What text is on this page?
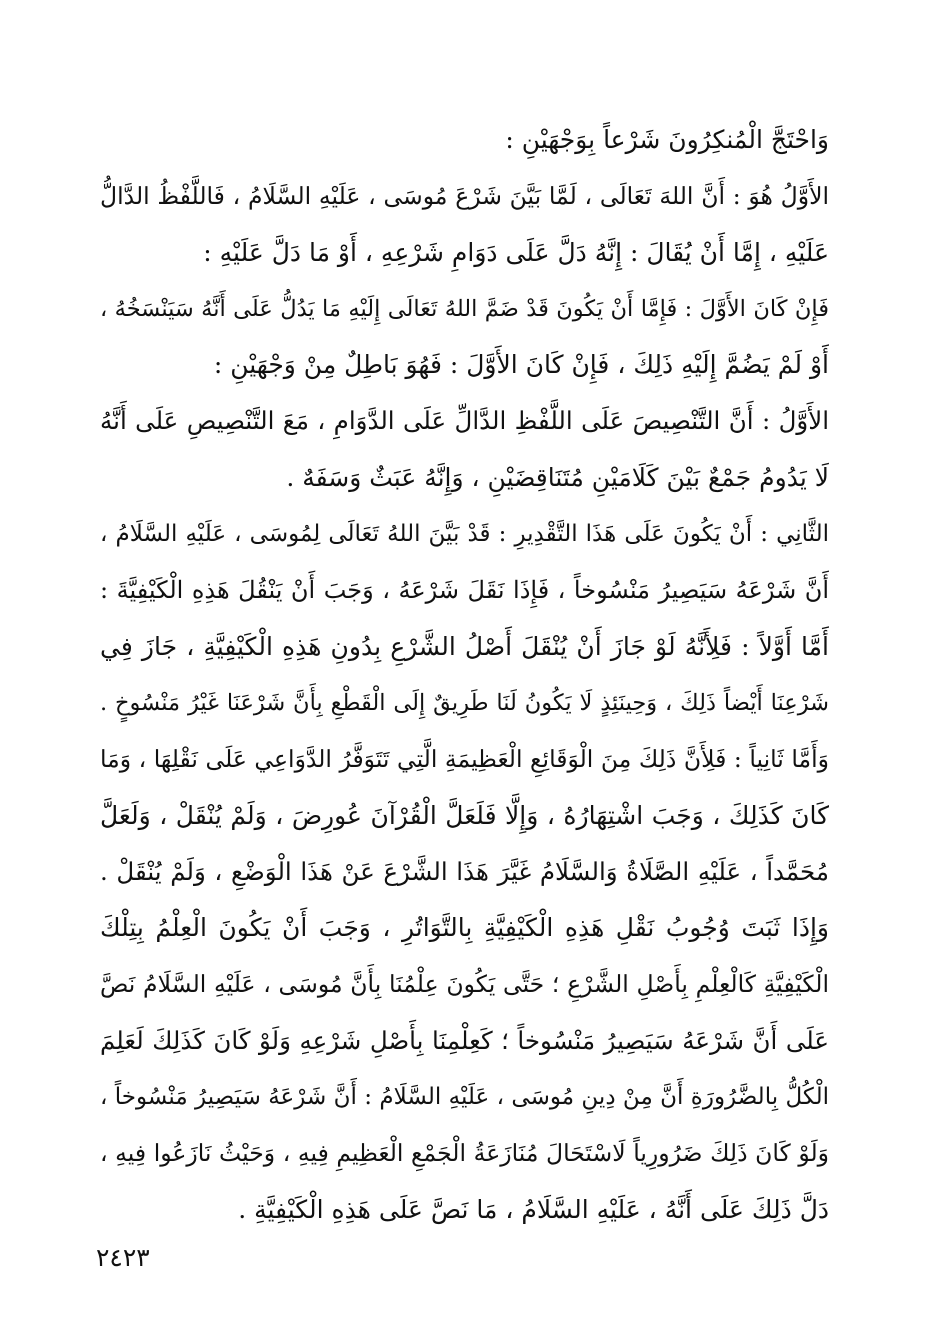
وَاحْتَجَّ الْمُنكِرُونَ شَرْعاً بِوَجْهَيْنِ :
الأَوَّلُ هُوَ : أَنَّ اللهَ تَعَالَى ، لَمَّا بَيَّنَ شَرْعَ مُوسَى ، عَلَيْهِ السَّلَامُ ، فَاللَّفْظُ الدَّالُّ
عَلَيْهِ ، إِمَّا أَنْ يُقَالَ : إِنَّهُ دَلَّ عَلَى دَوَامِ شَرْعِهِ ، أَوْ مَا دَلَّ عَلَيْهِ :
فَإِنْ كَانَ الأَوَّلَ : فَإِمَّا أَنْ يَكُونَ قَدْ ضَمَّ اللهُ تَعَالَى إِلَيْهِ مَا يَدُلُّ عَلَى أَنَّهُ سَيَنْسَخُهُ ،
أَوْ لَمْ يَضُمَّ إِلَيْهِ ذَلِكَ ، فَإِنْ كَانَ الأَوَّلَ : فَهُوَ بَاطِلٌ مِنْ وَجْهَيْنِ :
الأَوَّلُ : أَنَّ التَّنْصِيصَ عَلَى اللَّفْظِ الدَّالِّ عَلَى الدَّوَامِ ، مَعَ التَّنْصِيصِ عَلَى أَنَّهُ
لَا يَدُومُ جَمْعٌ بَيْنَ كَلَامَيْنِ مُتَنَاقِضَيْنِ ، وَإِنَّهُ عَبَثٌ وَسَفَهٌ .
الثَّانِي : أَنْ يَكُونَ عَلَى هَذَا التَّقْدِيرِ : قَدْ بَيَّنَ اللهُ تَعَالَى لِمُوسَى ، عَلَيْهِ السَّلَامُ ،
أَنَّ شَرْعَهُ سَيَصِيرُ مَنْسُوخاً ، فَإِذَا نَقَلَ شَرْعَهُ ، وَجَبَ أَنْ يَنْقُلَ هَذِهِ الْكَيْفِيَّةَ :
أَمَّا أَوَّلاً : فَلِأَنَّهُ لَوْ جَازَ أَنْ يُنْقَلَ أَصْلُ الشَّرْعِ بِدُونِ هَذِهِ الْكَيْفِيَّةِ ، جَازَ فِي
شَرْعِنَا أَيْضاً ذَلِكَ ، وَحِينَئِذٍ لَا يَكُونُ لَنَا طَرِيقٌ إِلَى الْقَطْعِ بِأَنَّ شَرْعَنَا غَيْرُ مَنْسُوخٍ .
وَأَمَّا ثَانِياً : فَلِأَنَّ ذَلِكَ مِنَ الْوَقَائِعِ الْعَظِيمَةِ الَّتِي تَتَوَفَّرُ الدَّوَاعِي عَلَى نَقْلِهَا ، وَمَا
كَانَ كَذَلِكَ ، وَجَبَ اشْتِهَارُهُ ، وَإِلَّا فَلَعَلَّ الْقُرْآنَ عُورِضَ ، وَلَمْ يُنْقَلْ ، وَلَعَلَّ
مُحَمَّداً ، عَلَيْهِ الصَّلَاةُ وَالسَّلَامُ غَيَّرَ هَذَا الشَّرْعَ عَنْ هَذَا الْوَضْعِ ، وَلَمْ يُنْقَلْ .
وَإِذَا ثَبَتَ وُجُوبُ نَقْلِ هَذِهِ الْكَيْفِيَّةِ بِالتَّوَاتُرِ ، وَجَبَ أَنْ يَكُونَ الْعِلْمُ بِتِلْكَ
الْكَيْفِيَّةِ كَالْعِلْمِ بِأَصْلِ الشَّرْعِ ؛ حَتَّى يَكُونَ عِلْمُنَا بِأَنَّ مُوسَى ، عَلَيْهِ السَّلَامُ نَصَّ
عَلَى أَنَّ شَرْعَهُ سَيَصِيرُ مَنْسُوخاً ؛ كَعِلْمِنَا بِأَصْلِ شَرْعِهِ وَلَوْ كَانَ كَذَلِكَ لَعَلِمَ
الْكُلُّ بِالضَّرُورَةِ أَنَّ مِنْ دِينِ مُوسَى ، عَلَيْهِ السَّلَامُ : أَنَّ شَرْعَهُ سَيَصِيرُ مَنْسُوخاً ،
وَلَوْ كَانَ ذَلِكَ ضَرُورِياً لَاسْتَحَالَ مُنَازَعَةُ الْجَمْعِ الْعَظِيمِ فِيهِ ، وَحَيْثُ نَازَعُوا فِيهِ ،
دَلَّ ذَلِكَ عَلَى أَنَّهُ ، عَلَيْهِ السَّلَامُ ، مَا نَصَّ عَلَى هَذِهِ الْكَيْفِيَّةِ .
٢٤٢٣
